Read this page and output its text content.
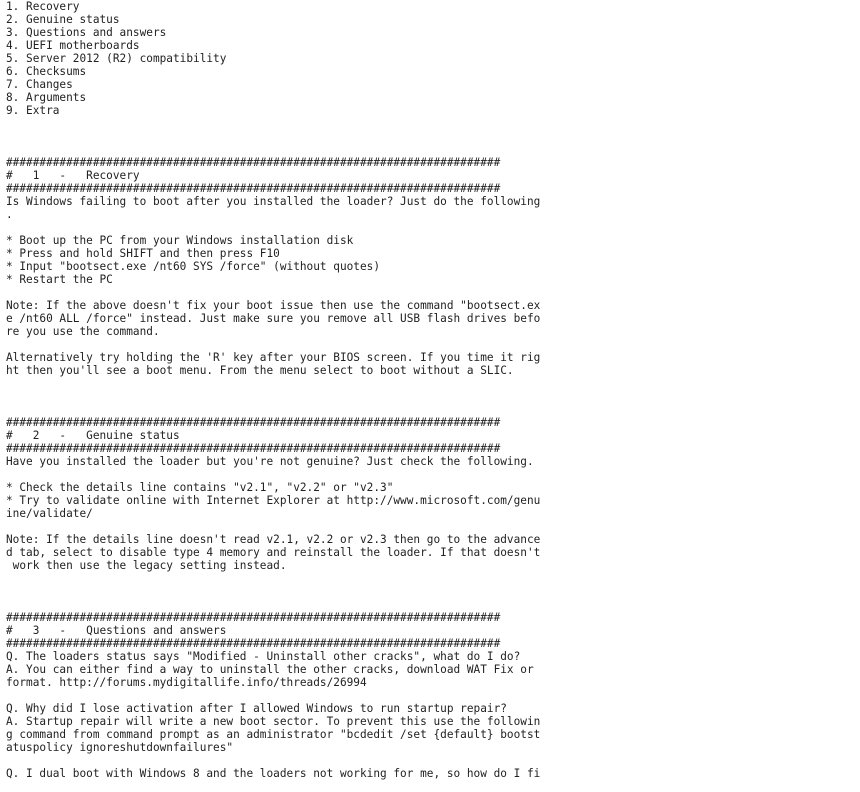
1. Recovery
2. Genuine status
3. Questions and answers
4. UEFI motherboards
5. Server 2012 (R2) compatibility
6. Checksums
7. Changes
8. Arguments
9. Extra
##########################################################################
#   1   -   Recovery
##########################################################################
Is Windows failing to boot after you installed the loader? Just do the following
.
* Boot up the PC from your Windows installation disk
* Press and hold SHIFT and then press F10
* Input "bootsect.exe /nt60 SYS /force" (without quotes)
* Restart the PC
Note: If the above doesn't fix your boot issue then use the command "bootsect.ex
e /nt60 ALL /force" instead. Just make sure you remove all USB flash drives befo
re you use the command.
Alternatively try holding the 'R' key after your BIOS screen. If you time it rig
ht then you'll see a boot menu. From the menu select to boot without a SLIC.
##########################################################################
#   2   -   Genuine status
##########################################################################
Have you installed the loader but you're not genuine? Just check the following.
* Check the details line contains "v2.1", "v2.2" or "v2.3"
* Try to validate online with Internet Explorer at http://www.microsoft.com/genu
ine/validate/
Note: If the details line doesn't read v2.1, v2.2 or v2.3 then go to the advance
d tab, select to disable type 4 memory and reinstall the loader. If that doesn't
work then use the legacy setting instead.
##########################################################################
#   3   -   Questions and answers
##########################################################################
Q. The loaders status says "Modified - Uninstall other cracks", what do I do?
A. You can either find a way to uninstall the other cracks, download WAT Fix or
format. http://forums.mydigitallife.info/threads/26994
Q. Why did I lose activation after I allowed Windows to run startup repair?
A. Startup repair will write a new boot sector. To prevent this use the followin
g command from command prompt as an administrator "bcdedit /set {default} bootst
atuspolicy ignoreshutdownfailures"
Q. I dual boot with Windows 8 and the loaders not working for me, so how do I fi
